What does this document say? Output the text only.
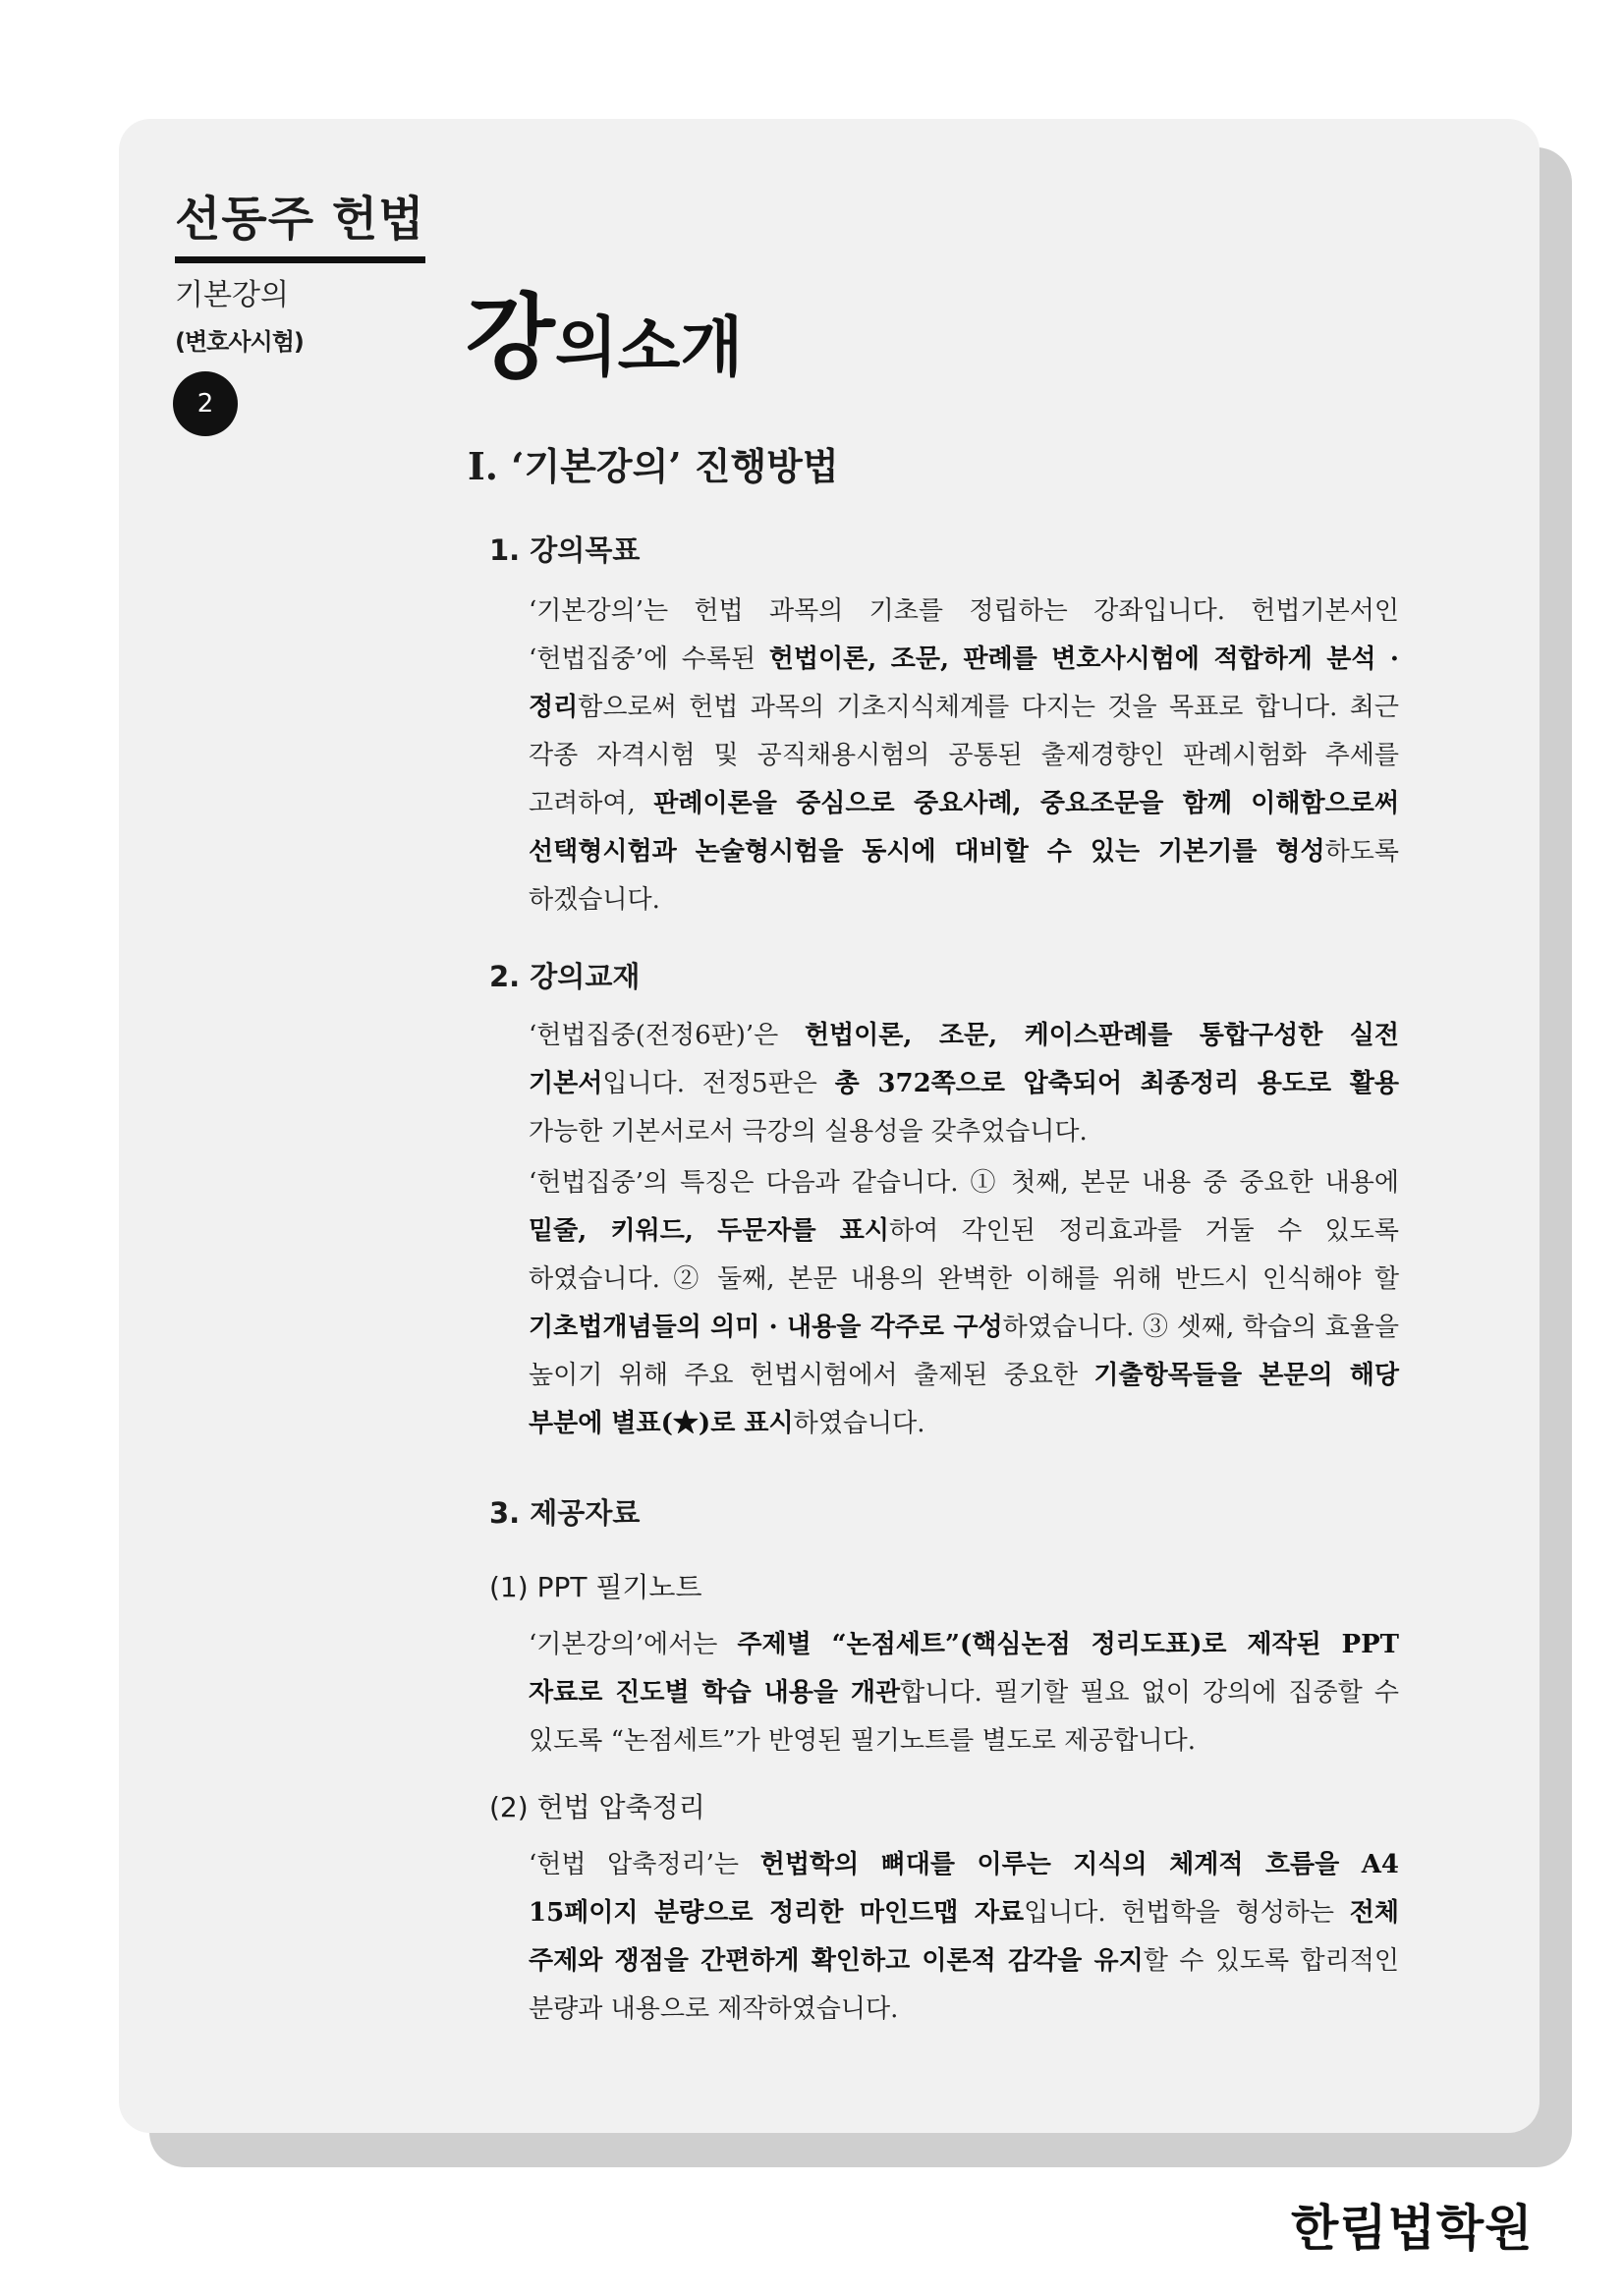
선동주 헌법
기본강의
(변호사시험)
2
강의소개
Ⅰ. ‘기본강의’ 진행방법
1. 강의목표
‘기본강의’는 헌법 과목의 기초를 정립하는 강좌입니다. 헌법기본서인 ‘헌법집중’에 수록된 헌법이론, 조문, 판례를 변호사시험에 적합하게 분석 · 정리함으로써 헌법 과목의 기초지식체계를 다지는 것을 목표로 합니다. 최근 각종 자격시험 및 공직채용시험의 공통된 출제경향인 판례시험화 추세를 고려하여, 판례이론을 중심으로 중요사례, 중요조문을 함께 이해함으로써 선택형시험과 논술형시험을 동시에 대비할 수 있는 기본기를 형성하도록 하겠습니다.
2. 강의교재
‘헌법집중(전정6판)’은 헌법이론, 조문, 케이스판례를 통합구성한 실전 기본서입니다. 전정5판은 총 372쪽으로 압축되어 최종정리 용도로 활용 가능한 기본서로서 극강의 실용성을 갖추었습니다.
‘헌법집중’의 특징은 다음과 같습니다. ① 첫째, 본문 내용 중 중요한 내용에 밑줄, 키워드, 두문자를 표시하여 각인된 정리효과를 거둘 수 있도록 하였습니다. ② 둘째, 본문 내용의 완벽한 이해를 위해 반드시 인식해야 할 기초법개념들의 의미 · 내용을 각주로 구성하였습니다. ③ 셋째, 학습의 효율을 높이기 위해 주요 헌법시험에서 출제된 중요한 기출항목들을 본문의 해당 부분에 별표(★)로 표시하였습니다.
3. 제공자료
(1) PPT 필기노트
‘기본강의’에서는 주제별 “논점세트”(핵심논점 정리도표)로 제작된 PPT 자료로 진도별 학습 내용을 개관합니다. 필기할 필요 없이 강의에 집중할 수 있도록 “논점세트”가 반영된 필기노트를 별도로 제공합니다.
(2) 헌법 압축정리
‘헌법 압축정리’는 헌법학의 뼈대를 이루는 지식의 체계적 흐름을 A4 15페이지 분량으로 정리한 마인드맵 자료입니다. 헌법학을 형성하는 전체 주제와 쟁점을 간편하게 확인하고 이론적 감각을 유지할 수 있도록 합리적인 분량과 내용으로 제작하였습니다.
한림법학원
